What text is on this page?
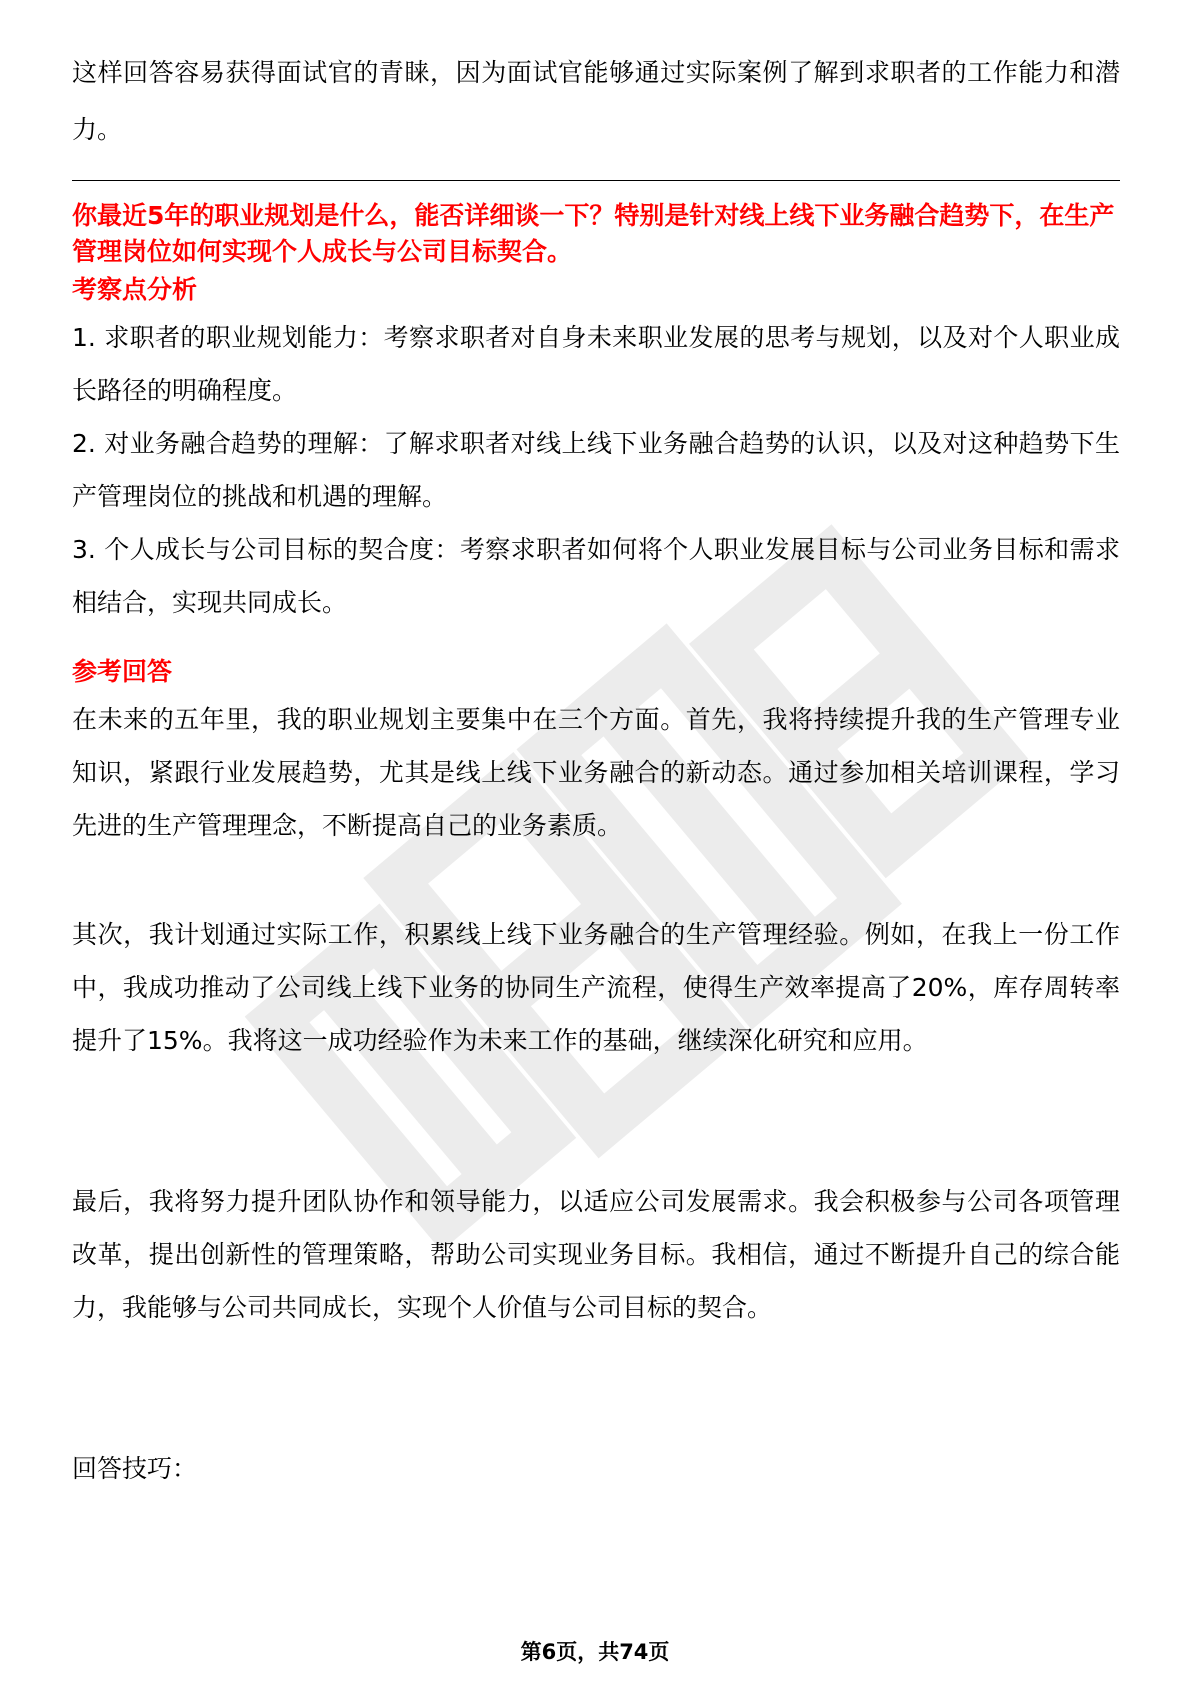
这样回答容易获得面试官的青睐，因为面试官能够通过实际案例了解到求职者的工作能力和潜力。

你最近5年的职业规划是什么，能否详细谈一下？特别是针对线上线下业务融合趋势下，在生产管理岗位如何实现个人成长与公司目标契合。

考察点分析

1. 求职者的职业规划能力：考察求职者对自身未来职业发展的思考与规划，以及对个人职业成长路径的明确程度。

2. 对业务融合趋势的理解：了解求职者对线上线下业务融合趋势的认识，以及对这种趋势下生产管理岗位的挑战和机遇的理解。

3. 个人成长与公司目标的契合度：考察求职者如何将个人职业发展目标与公司业务目标和需求相结合，实现共同成长。

参考回答

在未来的五年里，我的职业规划主要集中在三个方面。首先，我将持续提升我的生产管理专业知识，紧跟行业发展趋势，尤其是线上线下业务融合的新动态。通过参加相关培训课程，学习先进的生产管理理念，不断提高自己的业务素质。

其次，我计划通过实际工作，积累线上线下业务融合的生产管理经验。例如，在我上一份工作中，我成功推动了公司线上线下业务的协同生产流程，使得生产效率提高了20%，库存周转率提升了15%。我将这一成功经验作为未来工作的基础，继续深化研究和应用。

最后，我将努力提升团队协作和领导能力，以适应公司发展需求。我会积极参与公司各项管理改革，提出创新性的管理策略，帮助公司实现业务目标。我相信，通过不断提升自己的综合能力，我能够与公司共同成长，实现个人价值与公司目标的契合。

回答技巧：

第6页，共74页
